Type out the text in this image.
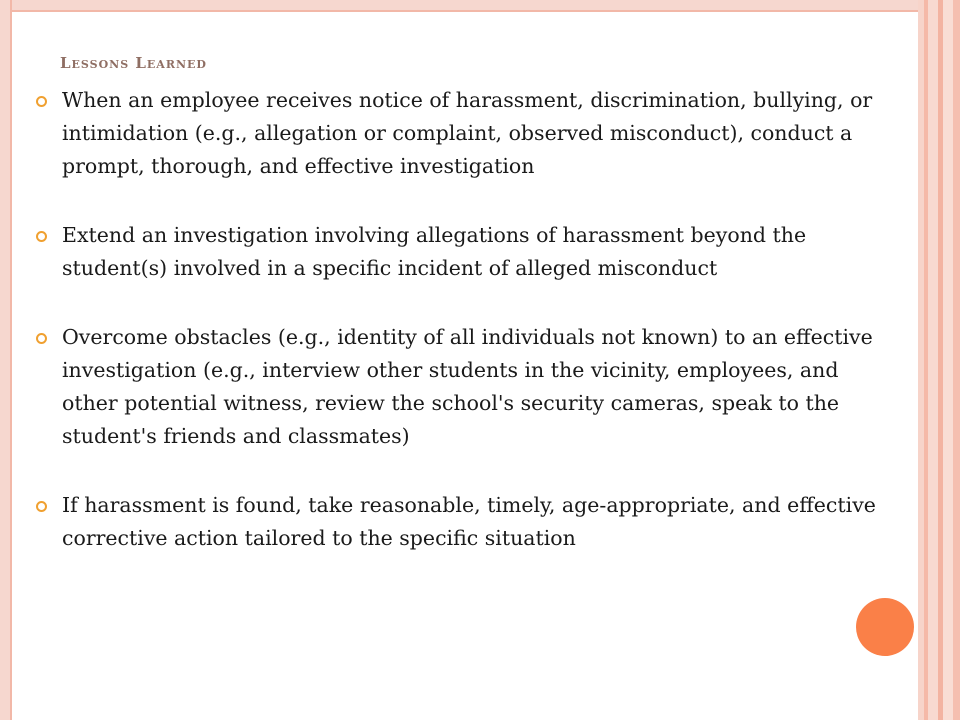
Lessons Learned
When an employee receives notice of harassment, discrimination, bullying, or intimidation (e.g., allegation or complaint, observed misconduct), conduct a prompt, thorough, and effective investigation
Extend an investigation involving allegations of harassment beyond the student(s) involved in a specific incident of alleged misconduct
Overcome obstacles (e.g., identity of all individuals not known) to an effective investigation (e.g., interview other students in the vicinity, employees, and other potential witness, review the school's security cameras, speak to the student's friends and classmates)
If harassment is found, take reasonable, timely, age-appropriate, and effective corrective action tailored to the specific situation
